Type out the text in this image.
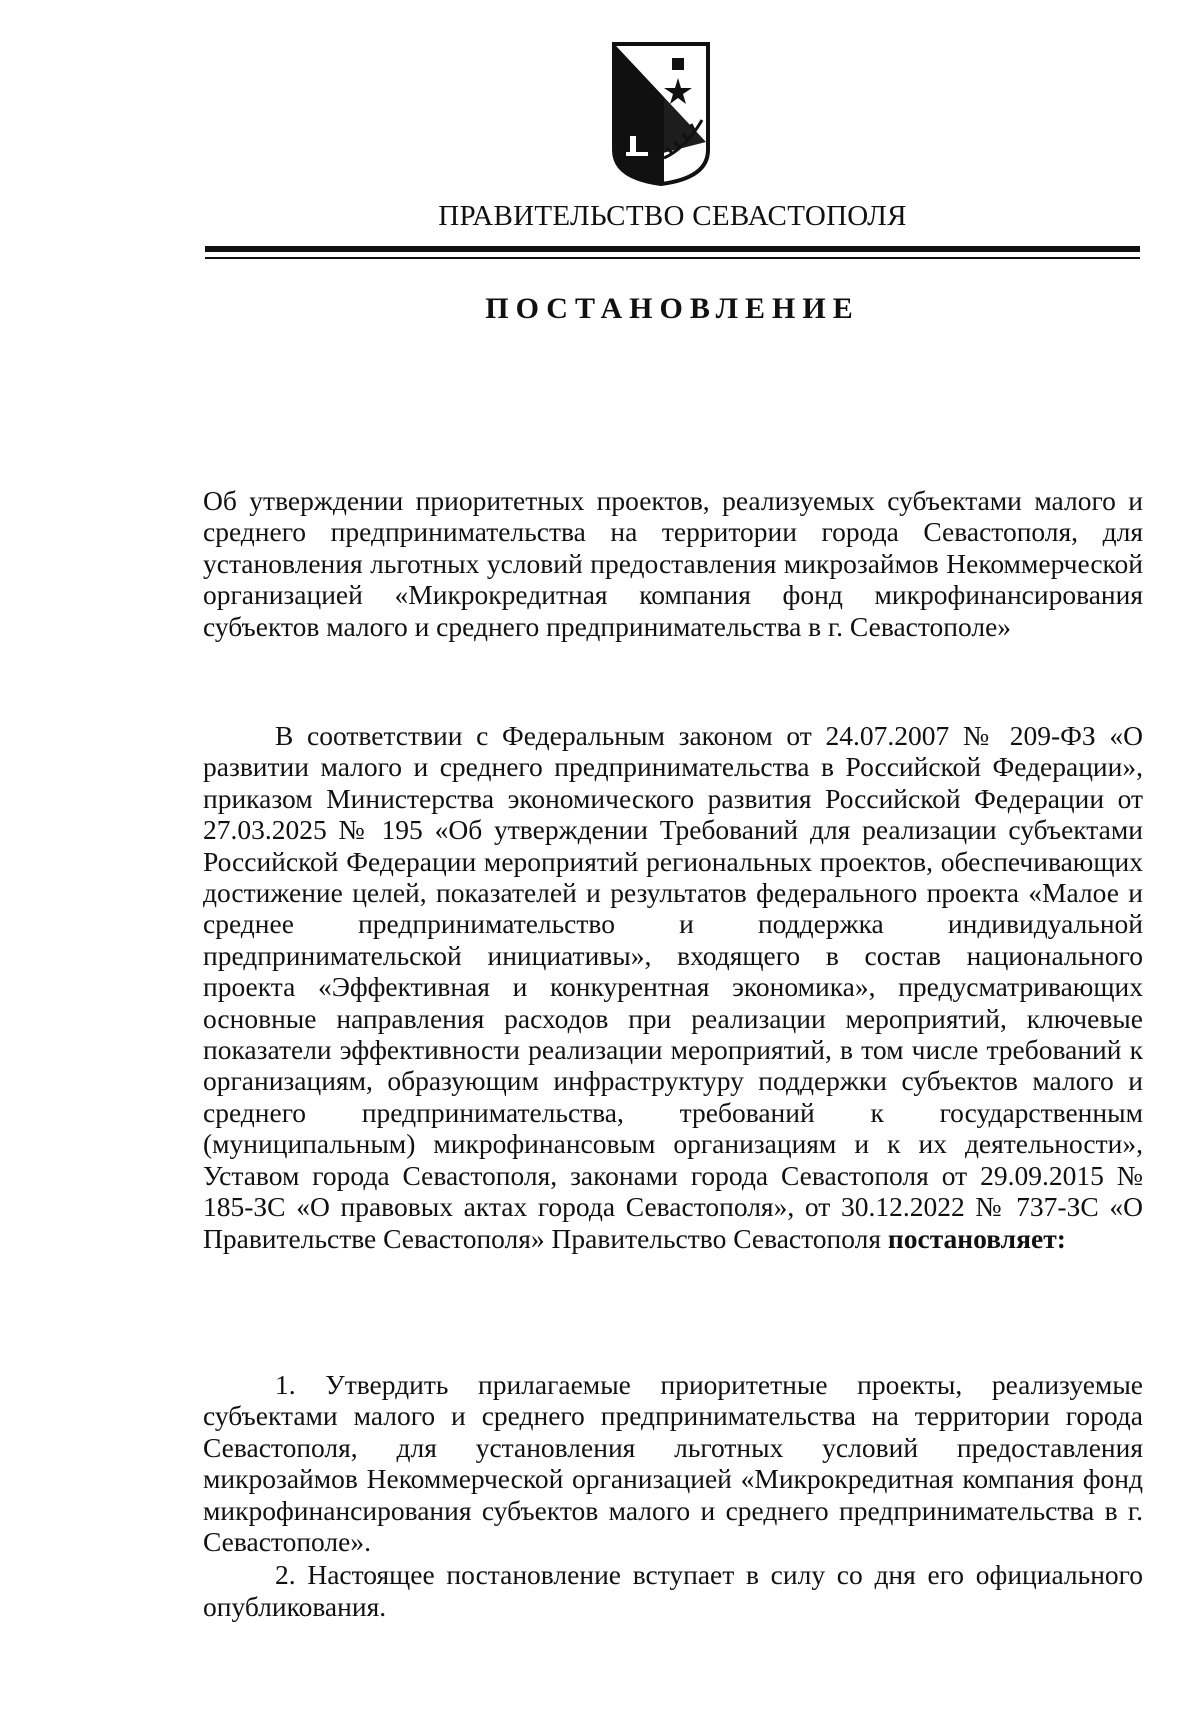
ПРАВИТЕЛЬСТВО СЕВАСТОПОЛЯ
ПОСТАНОВЛЕНИЕ
Об утверждении приоритетных проектов, реализуемых субъектами малого и среднего предпринимательства на территории города Севастополя, для установления льготных условий предоставления микрозаймов Некоммерческой организацией «Микрокредитная компания фонд микрофинансирования субъектов малого и среднего предпринимательства в г. Севастополе»
В соответствии с Федеральным законом от 24.07.2007 № 209-ФЗ «О развитии малого и среднего предпринимательства в Российской Федерации», приказом Министерства экономического развития Российской Федерации от 27.03.2025 № 195 «Об утверждении Требований для реализации субъектами Российской Федерации мероприятий региональных проектов, обеспечивающих достижение целей, показателей и результатов федерального проекта «Малое и среднее предпринимательство и поддержка индивидуальной предпринимательской инициативы», входящего в состав национального проекта «Эффективная и конкурентная экономика», предусматривающих основные направления расходов при реализации мероприятий, ключевые показатели эффективности реализации мероприятий, в том числе требований к организациям, образующим инфраструктуру поддержки субъектов малого и среднего предпринимательства, требований к государственным (муниципальным) микрофинансовым организациям и к их деятельности», Уставом города Севастополя, законами города Севастополя от 29.09.2015 № 185-ЗС «О правовых актах города Севастополя», от 30.12.2022 № 737-ЗС «О Правительстве Севастополя» Правительство Севастополя постановляет:

1. Утвердить прилагаемые приоритетные проекты, реализуемые субъектами малого и среднего предпринимательства на территории города Севастополя, для установления льготных условий предоставления микрозаймов Некоммерческой организацией «Микрокредитная компания фонд микрофинансирования субъектов малого и среднего предпринимательства в г. Севастополе».

2. Настоящее постановление вступает в силу со дня его официального опубликования.
